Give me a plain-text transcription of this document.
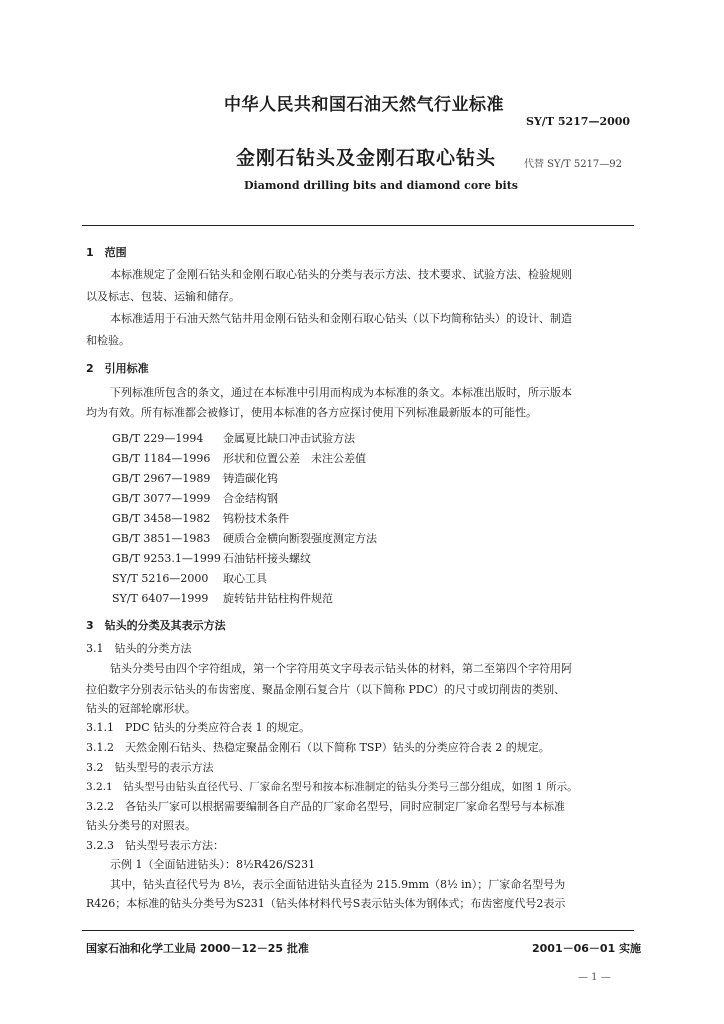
中华人民共和国石油天然气行业标准
SY/T 5217—2000
金刚石钻头及金刚石取心钻头	代替 SY/T 5217—92
Diamond drilling bits and diamond core bits
1　范围
本标准规定了金刚石钻头和金刚石取心钻头的分类与表示方法、技术要求、试验方法、检验规则
以及标志、包装、运输和储存。
本标准适用于石油天然气钻井用金刚石钻头和金刚石取心钻头（以下均简称钻头）的设计、制造
和检验。
2　引用标准
下列标准所包含的条文，通过在本标准中引用而构成为本标准的条文。本标准出版时，所示版本
均为有效。所有标准都会被修订，使用本标准的各方应探讨使用下列标准最新版本的可能性。
GB/T 229—1994 金属夏比缺口冲击试验方法
GB/T 1184—1996 形状和位置公差　未注公差值
GB/T 2967—1989 铸造碳化钨
GB/T 3077—1999 合金结构钢
GB/T 3458—1982 钨粉技术条件
GB/T 3851—1983 硬质合金横向断裂强度测定方法
GB/T 9253.1—1999 石油钻杆接头螺纹
SY/T 5216—2000 取心工具
SY/T 6407—1999 旋转钻井钻柱构件规范
3　钻头的分类及其表示方法
3.1　钻头的分类方法
钻头分类号由四个字符组成，第一个字符用英文字母表示钻头体的材料，第二至第四个字符用阿
拉伯数字分别表示钻头的布齿密度、聚晶金刚石复合片（以下简称 PDC）的尺寸或切削齿的类别、
钻头的冠部轮廓形状。
3.1.1　PDC 钻头的分类应符合表 1 的规定。
3.1.2　天然金刚石钻头、热稳定聚晶金刚石（以下简称 TSP）钻头的分类应符合表 2 的规定。
3.2　钻头型号的表示方法
3.2.1　钻头型号由钻头直径代号、厂家命名型号和按本标准制定的钻头分类号三部分组成，如图 1 所示。
3.2.2　各钻头厂家可以根据需要编制各自产品的厂家命名型号，同时应制定厂家命名型号与本标准
钻头分类号的对照表。
3.2.3　钻头型号表示方法：
示例 1（全面钻进钻头）：8½R426/S231
其中，钻头直径代号为 8½，表示全面钻进钻头直径为 215.9mm（8½ in）；厂家命名型号为
R426；本标准的钻头分类号为S231（钻头体材料代号S表示钻头体为钢体式；布齿密度代号2表示
国家石油和化学工业局 2000－12－25 批准	2001－06－01 实施
— 1 —
